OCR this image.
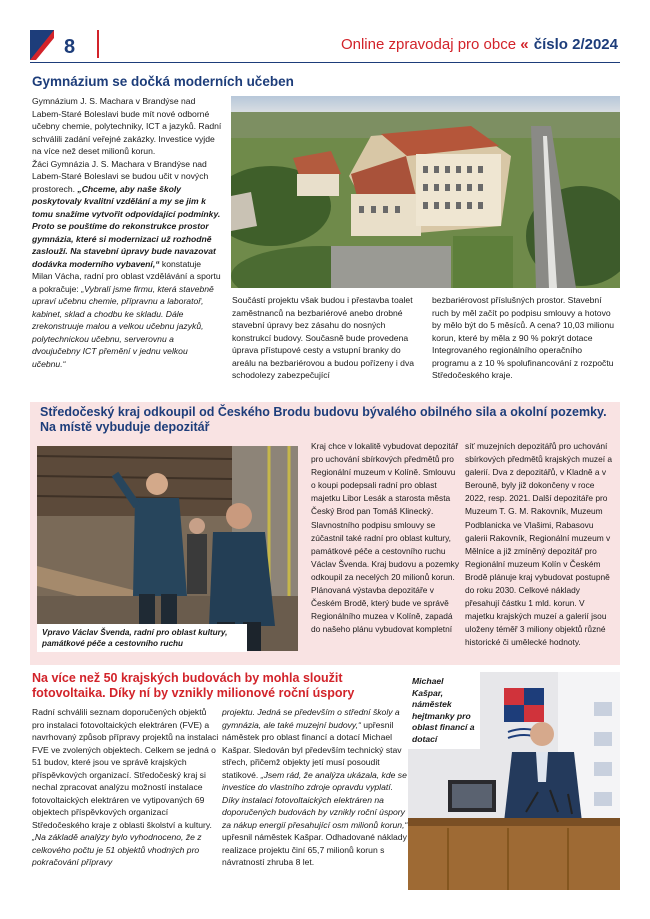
8	Online zpravodaj pro obce « číslo 2/2024
Gymnázium se dočká moderních učeben

Gymnázium J. S. Machara v Brandýse nad Labem-Staré Boleslavi bude mít nové odborné učebny chemie, polytechniky, ICT a jazyků. Radní schválili zadání veřejné zakázky. Investice vyjde na více než deset milionů korun.

Žáci Gymnázia J. S. Machara v Brandýse nad Labem-Staré Boleslavi se budou učit v nových prostorech. „Chceme, aby naše školy poskytovaly kvalitní vzdělání a my se jim k tomu snažíme vytvořit odpovídající podmínky. Proto se pouštíme do rekonstrukce prostor gymnázia, které si modernizaci už rozhodně zaslouží. Na stavební úpravy bude navazovat dodávka moderního vybavení,“ konstatuje Milan Vácha, radní pro oblast vzdělávání a sportu a pokračuje: „Vybralí jsme firmu, která stavebně upraví učebnu chemie, přípravnu a laboratoř, kabinet, sklad a chodbu ke skladu. Dále zrekonstruuje malou a velkou učebnu jazyků, polytechnickou učebnu, serverovnu a dvoujučebny ICT přemění v jednu velkou učebnu.“

Součástí projektu však budou i přestavba toalet zaměstnanců na bezbariérové anebo drobné stavební úpravy bez zásahu do nosných konstrukcí budovy. Současně bude provedena úprava přístupové cesty a vstupní branky do areálu na bezbariérovou a budou pořízeny i dva schodolezy zabezpečující

bezbariérovost příslušných prostor. Stavební ruch by měl začít po podpisu smlouvy a hotovo by mělo být do 5 měsíců. A cena? 10,03 milionu korun, které by měla z 90 % pokrýt dotace Integrovaného regionálního operačního programu a z 10 % spolufinancování z rozpočtu Středočeského kraje.

Středočeský kraj odkoupil od Českého Brodu budovu bývalého obilného sila a okolní pozemky. Na místě vybuduje depozitář
Vpravo Václav Švenda, radní pro oblast kultury, památkové péče a cestovního ruchu

Kraj chce v lokalitě vybudovat depozitář pro uchování sbírkových předmětů pro Regionální muzeum v Kolíně. Smlouvu o koupi podepsali radní pro oblast majetku Libor Lesák a starosta města Český Brod pan Tomáš Klinecký. Slavnostního podpisu smlouvy se zúčastnil také radní pro oblast kultury, památkové péče a cestovního ruchu Václav Švenda. Kraj budovu a pozemky odkoupil za necelých 20 milionů korun. Plánovaná výstavba depozitáře v Českém Brodě, který bude ve správě Regionálního muzea v Kolíně, zapadá do našeho plánu vybudovat kompletní

síť muzejních depozitářů pro uchování sbírkových předmětů krajských muzeí a galerií. Dva z depozitářů, v Kladně a v Berouně, byly již dokončeny v roce 2022, resp. 2021. Další depozitáře pro Muzeum T. G. M. Rakovník, Muzeum Podblanicka ve Vlašimi, Rabasovu galerii Rakovník, Regionální muzeum v Mělníce a již zmíněný depozitář pro Regionální muzeum Kolín v Českém Brodě plánuje kraj vybudovat postupně do roku 2030. Celkové náklady přesahují částku 1 mld. korun. V majetku krajských muzeí a galerií jsou uloženy téměř 3 miliony objektů různé historické či umělecké hodnoty.

Na více než 50 krajských budovách by mohla sloužit fotovoltaika. Díky ní by vznikly milionové roční úspory

Radní schválili seznam doporučených objektů pro instalaci fotovoltaických elektráren (FVE) a navrhovaný způsob přípravy projektů na instalaci FVE ve zvolených objektech. Celkem se jedná o 51 budov, které jsou ve správě krajských příspěvkových organizací. Středočeský kraj si nechal zpracovat analýzu možností instalace fotovoltaických elektráren ve vytipovaných 69 objektech příspěvkových organizací Středočeského kraje z oblasti školství a kultury. „Na základě analýzy bylo vyhodnoceno, že z celkového počtu je 51 objektů vhodných pro pokračování přípravy

projektu. Jedná se především o střední školy a gymnázia, ale také muzejní budovy,“ upřesnil náměstek pro oblast financí a dotací Michael Kašpar. Sledován byl především technický stav střech, přičemž objekty jetí musí posoudit statikové. „Jsem rád, že analýza ukázala, kde se investice do vlastního zdroje opravdu vyplatí. Díky instalaci fotovoltaických elektráren na doporučených budovách by vznikly roční úspory za nákup energií přesahující osm milionů korun,“ upřesnil náměstek Kašpar. Odhadované náklady realizace projektu činí 65,7 milionů korun s návratností zhruba 8 let.

Michael Kašpar, náměstek hejtmanky pro oblast financí a dotací
